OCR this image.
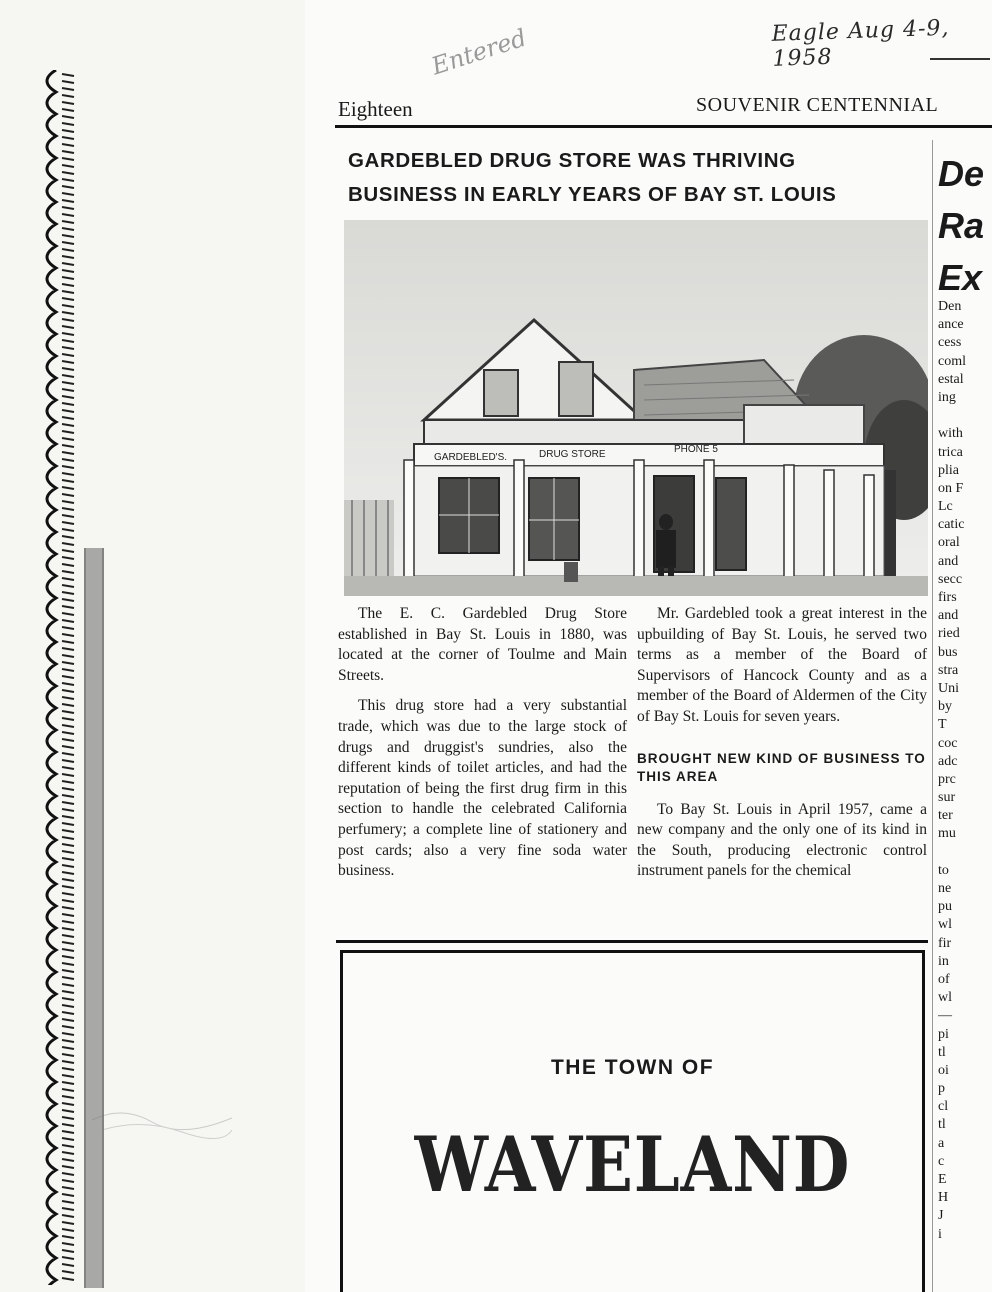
Eagle Aug 4-9, 1958
Entered
Eighteen	SOUVENIR CENTENNIAL
GARDEBLED DRUG STORE WAS THRIVING
BUSINESS IN EARLY YEARS OF BAY ST. LOUIS
GARDEBLED'S.	DRUG STORE	PHONE 5

The E. C. Gardebled Drug Store established in Bay St. Louis in 1880, was located at the corner of Toulme and Main Streets.

This drug store had a very substantial trade, which was due to the large stock of drugs and druggist's sundries, also the different kinds of toilet articles, and had the reputation of being the first drug firm in this section to handle the celebrated California perfumery; a complete line of stationery and post cards; also a very fine soda water business.

Mr. Gardebled took a great interest in the upbuilding of Bay St. Louis, he served two terms as a member of the Board of Supervisors of Hancock County and as a member of the Board of Aldermen of the City of Bay St. Louis for seven years.

BROUGHT NEW KIND OF BUSINESS TO THIS AREA

To Bay St. Louis in April 1957, came a new company and the only one of its kind in the South, producing electronic control instrument panels for the chemical

THE TOWN OF
WAVELAND
De
Ra
Ex
Den
ance
cess
coml
estal
ing
with
trica
plia
on F
Lc
catic
oral
and
secc
firs
and
ried
bus
stra
Uni
by
T
coc
adc
prc
sur
ter
mu
to
ne
pu
wl
fir
in
of
wl
—
pi
tl
oi
p
cl
tl
a
c
E
H
J
i
